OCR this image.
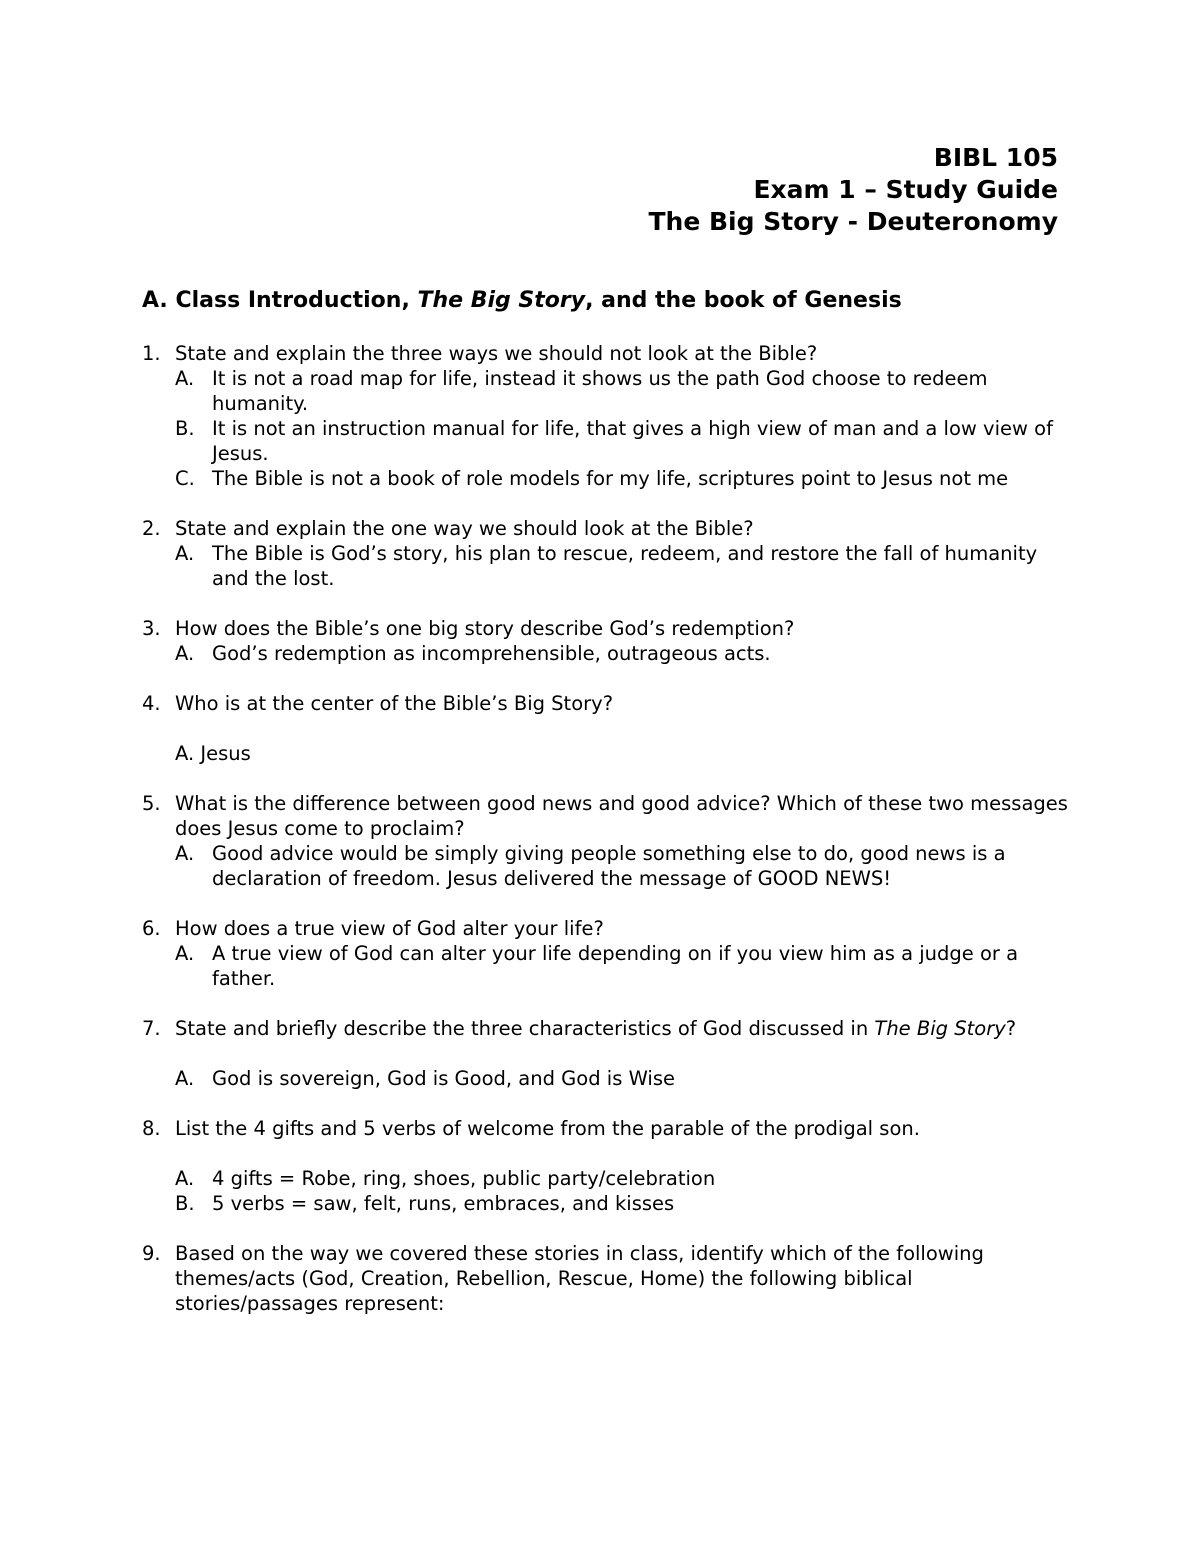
BIBL 105
Exam 1 – Study Guide
The Big Story - Deuteronomy
A. Class Introduction, The Big Story, and the book of Genesis
1. State and explain the three ways we should not look at the Bible?
A. It is not a road map for life, instead it shows us the path God choose to redeem humanity.
B. It is not an instruction manual for life, that gives a high view of man and a low view of Jesus.
C. The Bible is not a book of role models for my life, scriptures point to Jesus not me
2. State and explain the one way we should look at the Bible?
A. The Bible is God’s story, his plan to rescue, redeem, and restore the fall of humanity and the lost.
3. How does the Bible’s one big story describe God’s redemption?
A. God’s redemption as incomprehensible, outrageous acts.
4. Who is at the center of the Bible’s Big Story?
A. Jesus
5. What is the difference between good news and good advice? Which of these two messages does Jesus come to proclaim?
A. Good advice would be simply giving people something else to do, good news is a declaration of freedom. Jesus delivered the message of GOOD NEWS!
6. How does a true view of God alter your life?
A. A true view of God can alter your life depending on if you view him as a judge or a father.
7. State and briefly describe the three characteristics of God discussed in The Big Story?
A. God is sovereign, God is Good, and God is Wise
8. List the 4 gifts and 5 verbs of welcome from the parable of the prodigal son.
A. 4 gifts = Robe, ring, shoes, public party/celebration
B. 5 verbs = saw, felt, runs, embraces, and kisses
9. Based on the way we covered these stories in class, identify which of the following themes/acts (God, Creation, Rebellion, Rescue, Home) the following biblical stories/passages represent:
